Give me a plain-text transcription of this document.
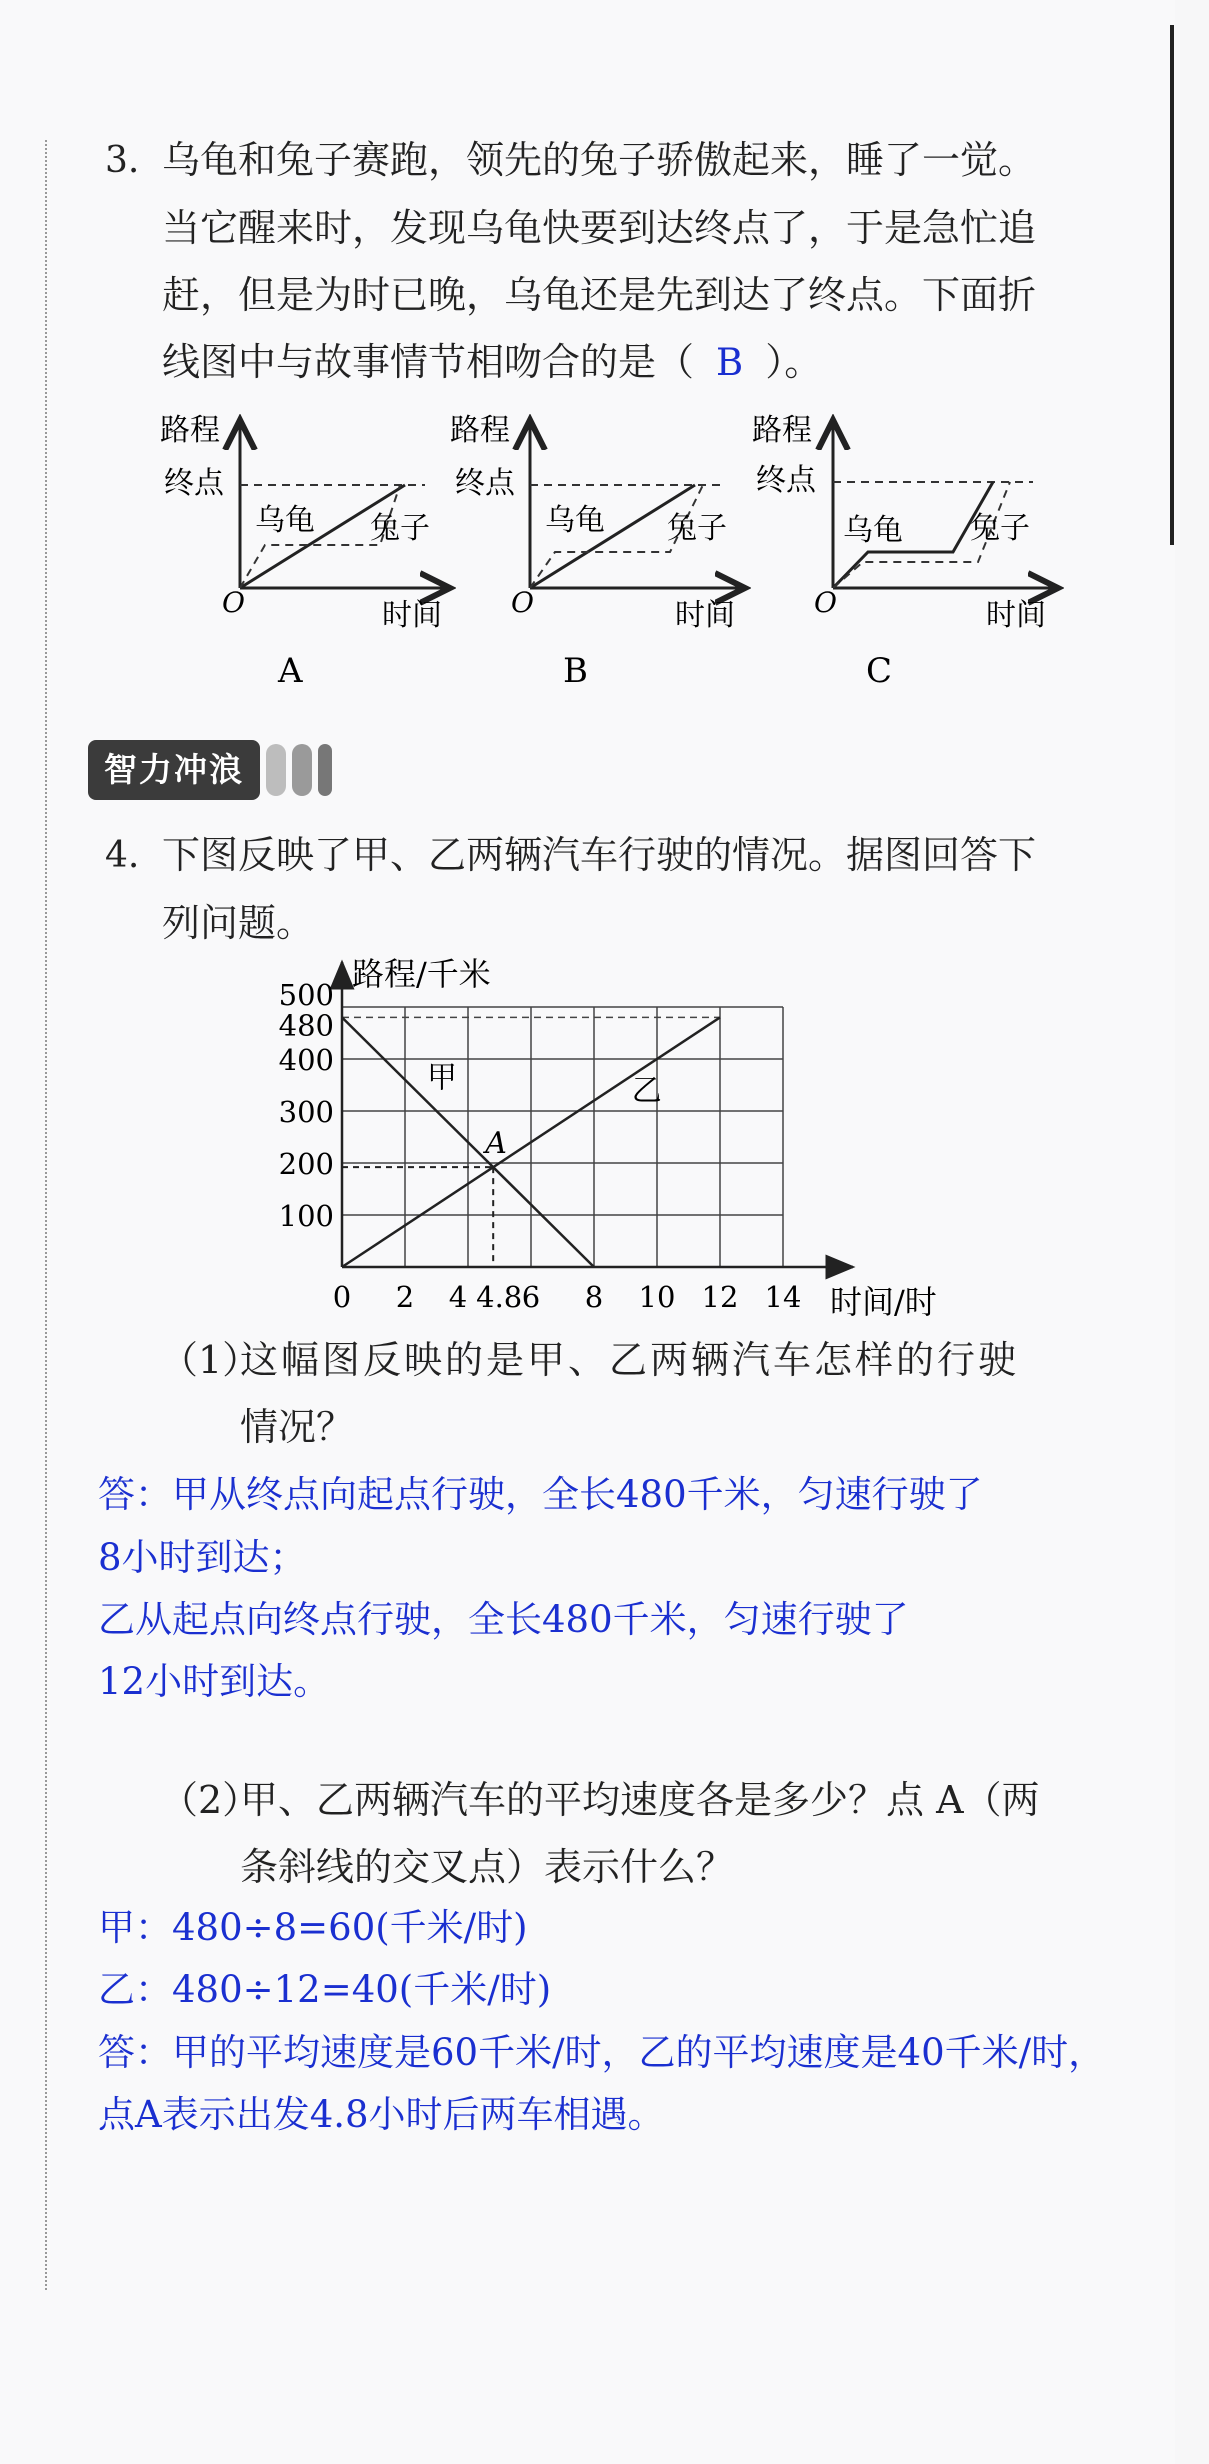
3. 乌龟和兔子赛跑，领先的兔子骄傲起来，睡了一觉。
当它醒来时，发现乌龟快要到达终点了，于是急忙追
赶，但是为时已晚，乌龟还是先到达了终点。下面折
线图中与故事情节相吻合的是（ B ）。
路程
终点
乌龟 兔子
O	时间
A
路程
终点
乌龟 兔子
O	时间
B
路程
终点
乌龟 兔子
O	时间
C
智力冲浪
4. 下图反映了甲、乙两辆汽车行驶的情况。据图回答下
列问题。
甲	乙
A
100
200
300
400
480
500
0 2 4 4.8 6 8 10 12 14
路程/千米
时间/时
（1）
这幅图反映的是甲、乙两辆汽车怎样的行驶
情况？
答：甲从终点向起点行驶，全长480千米，匀速行驶了
8小时到达；
乙从起点向终点行驶，全长480千米，匀速行驶了
12小时到达。
（2）
甲、乙两辆汽车的平均速度各是多少？点 A（两
条斜线的交叉点）表示什么？
甲：480÷8=60(千米/时)
乙：480÷12=40(千米/时)
答：甲的平均速度是60千米/时，乙的平均速度是40千米/时，
点A表示出发4.8小时后两车相遇。
